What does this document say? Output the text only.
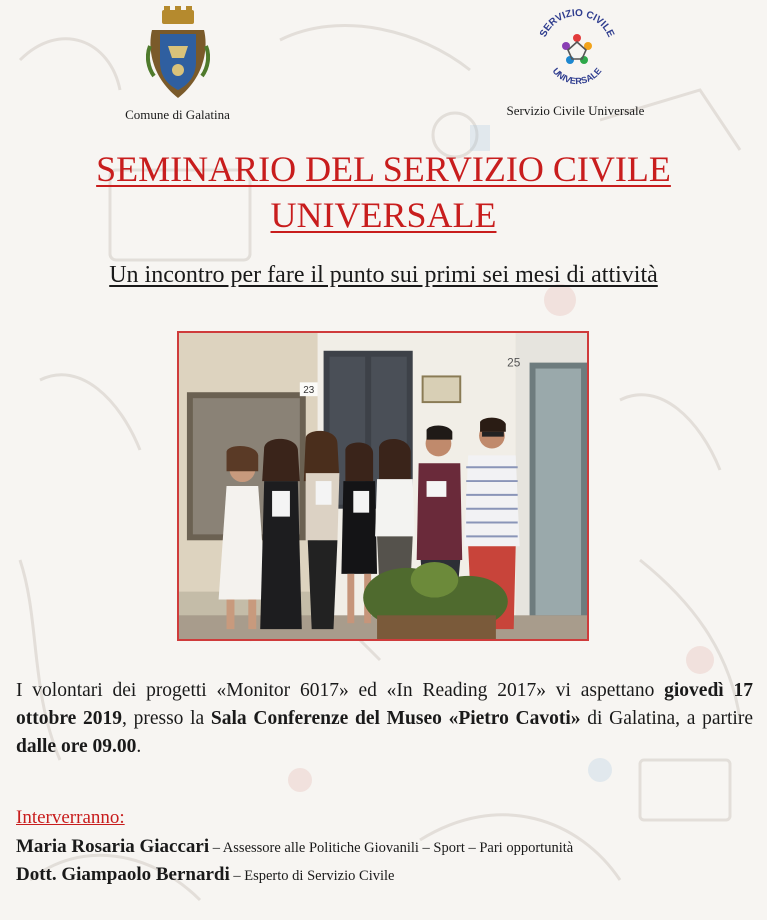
Comune di Galatina
SERVIZIO CIVILE
UNIVERSALE
Servizio Civile Universale
SEMINARIO DEL SERVIZIO CIVILE
UNIVERSALE
Un incontro per fare il punto sui primi sei mesi di attività
23
25
I volontari dei progetti «Monitor 6017» ed «In Reading 2017» vi aspettano giovedì 17 ottobre 2019, presso la Sala Conferenze del Museo «Pietro Cavoti» di Galatina, a partire dalle ore 09.00.
Interverranno:
Maria Rosaria Giaccari – Assessore alle Politiche Giovanili – Sport – Pari opportunità
Dott. Giampaolo Bernardi – Esperto di Servizio Civile
